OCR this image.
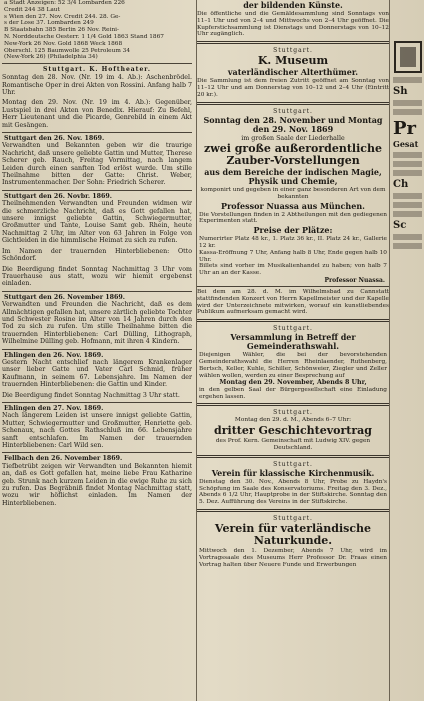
a Stadt Anzeigen: 52 3/4 Lombarden 226
Credit 244 38 Laut
s Wien den 27. Nov. Credit 244. 28. Ge-
s der Lose 37. Lombarden 249
B Staatsbahn 385 Berlin 26 Nov. Reini-
N. Norddeutsche Oesterr. 1 1/4 Gold 1863 Stand 1867
New-York 26 Nov. Gold 1868 Weck 1868
Oberschl. 125 Baumwolle 25 Petroleum 34
(New-York 26) (Philadelphia 34)
Stuttgart. K. Hoftheater.
Sonntag den 28. Nov. (Nr. 19 im 4. Ab.): Aschenbrödel. Romantische Oper in drei Akten von Rossini. Anfang halb 7 Uhr.
Montag den 29. Nov. (Nr. 19 im 4. Ab.): Gegenüber, Lustspiel in drei Akten von Benedix. Hierauf: Zu Befehl, Herr Lieutenant und die Picarde, Genrebild in einem Akt mit Gesängen.
Stuttgart den 26. Nov. 1869.
Verwandten und Bekannten geben wir die traurige Nachricht, daß unsere geliebte Gattin und Mutter, Therese Scherer geb. Rauch, Freitag Vormittag, nach langem Leiden durch einen sanften Tod erlöst wurde. Um stille Theilnahme bitten der Gatte: Christ. Weber, Instrumentenmacher. Der Sohn: Friedrich Scherer.
Stuttgart den 26. Novbr. 1869.
Theilnehmenden Verwandten und Freunden widmen wir die schmerzliche Nachricht, daß es Gott gefallen hat, unsere innigst geliebte Gattin, Schwiegermutter, Großmutter und Tante, Louise Samt geb. Rhein, heute Nachmittag 2 Uhr, im Alter von 63 Jahren in Folge von Gichtleiden in die himmlische Heimat zu sich zu rufen.
Im Namen der trauernden Hinterbliebenen: Otto Schöndorf.
Die Beerdigung findet Sonntag Nachmittag 3 Uhr vom Trauerhause aus statt, wozu wir hiemit ergebenst einladen.
Stuttgart den 26. November 1869.
Verwandten und Freunden die Nachricht, daß es dem Allmächtigen gefallen hat, unsere zärtlich geliebte Tochter und Schwester Rosine im Alter von 14 Jahren durch den Tod zu sich zu rufen. Um stille Theilnahme bitten die trauernden Hinterbliebenen: Carl Dülling, Lithograph, Wilhelmine Dülling geb. Hofmann, mit ihren 4 Kindern.
Ehlingen den 26. Nov. 1869.
Gestern Nacht entschlief nach längerem Krankenlager unser lieber Gatte und Vater Carl Schmid, früher Kaufmann, in seinem 67. Lebensjahre. Im Namen der trauernden Hinterbliebenen: die Gattin und Kinder.
Die Beerdigung findet Sonntag Nachmittag 3 Uhr statt.
Ehlingen den 27. Nov. 1869.
Nach längerem Leiden ist unsere innigst geliebte Gattin, Mutter, Schwiegermutter und Großmutter, Henriette geb. Schenaux, nach Gottes Rathschluß im 66. Lebensjahre sanft entschlafen. Im Namen der trauernden Hinterbliebenen: Carl Wild sen.
Fellbach den 26. November 1869.
Tiefbetrübt zeigen wir Verwandten und Bekannten hiemit an, daß es Gott gefallen hat, meine liebe Frau Katharine geb. Strunk nach kurzem Leiden in die ewige Ruhe zu sich zu rufen. Das Begräbniß findet Montag Nachmittag statt, wozu wir höflichst einladen. Im Namen der Hinterbliebenen.
der bildenden Künste.
Die öffentliche und die Gemäldesammlung sind Sonntags von 11–1 Uhr und von 2–4 und Mittwochs von 2–4 Uhr geöffnet. Die Kupferstichsammlung ist Dienstags und Donnerstags von 10–12 Uhr zugänglich.
Stuttgart.
K. Museum
vaterländischer Alterthümer.
Die Sammlung ist dem freien Zutritt geöffnet am Sonntag von 11–12 Uhr und am Donnerstag von 10–12 und 2–4 Uhr (Eintritt 20 kr.).
Stuttgart.
Sonntag den 28. November und Montag den 29. Nov. 1869
im großen Saale der Liederhalle
zwei große außerordentliche Zauber-Vorstellungen
aus dem Bereiche der indischen Magie, Physik und Chemie,
komponirt und gegeben in einer ganz besonderen Art von dem bekannten
Professor Nuassa aus München.
Die Vorstellungen finden in 2 Abtheilungen mit den gediegenen Experimenten statt.
Preise der Plätze:
Numerirter Platz 48 kr., 1. Platz 36 kr., II. Platz 24 kr., Gallerie 12 kr.
Kassa-Eröffnung 7 Uhr, Anfang halb 8 Uhr, Ende gegen halb 10 Uhr.
Billets sind vorher im Musikalienhandel zu haben; von halb 7 Uhr an an der Kasse.
Professor Nuassa.
Bei dem am 28. d. M. im Wilhelmsbad zu Cannstatt stattfindenden Konzert von Herrn Kapellmeister und der Kapelle wird der Unterzeichnete mitwirken, worauf ein kunstliebendes Publikum aufmerksam gemacht wird.
Stuttgart.
Versammlung in Betreff der Gemeinderathswahl.
Diejenigen Wähler, die bei der bevorstehenden Gemeinderathswahl die Herren Rheinlaender, Ruthenberg, Bertsch, Keller, Kuhle, Schiller, Schönweier, Ziegler und Zeller wählen wollen, werden zu einer Besprechung auf
Montag den 29. November, Abends 8 Uhr,
in den gelben Saal der Bürgergesellschaft eine Einladung ergehen lassen.
Stuttgart.
Montag den 29. d. M., Abends 6–7 Uhr:
dritter Geschichtevortrag
des Prof. Kern. Gemeinschaft mit Ludwig XIV. gegen Deutschland.
Stuttgart.
Verein für klassische Kirchenmusik.
Dienstag den 30. Nov., Abends 8 Uhr, Probe zu Haydn's Schöpfung im Saale des Konservatoriums. Freitag den 3. Dez., Abends 6 1/2 Uhr, Hauptprobe in der Stiftskirche. Sonntag den 5. Dez. Aufführung des Vereins in der Stiftskirche.
Stuttgart.
Verein für vaterländische Naturkunde.
Mittwoch den 1. Dezember, Abends 7 Uhr, wird im Vortragssaale des Museums Herr Professor Dr. Fraas einen Vortrag halten über Neuere Funde und Erwerbungen
Sh
Pr
Gesat
Ch
Sc
